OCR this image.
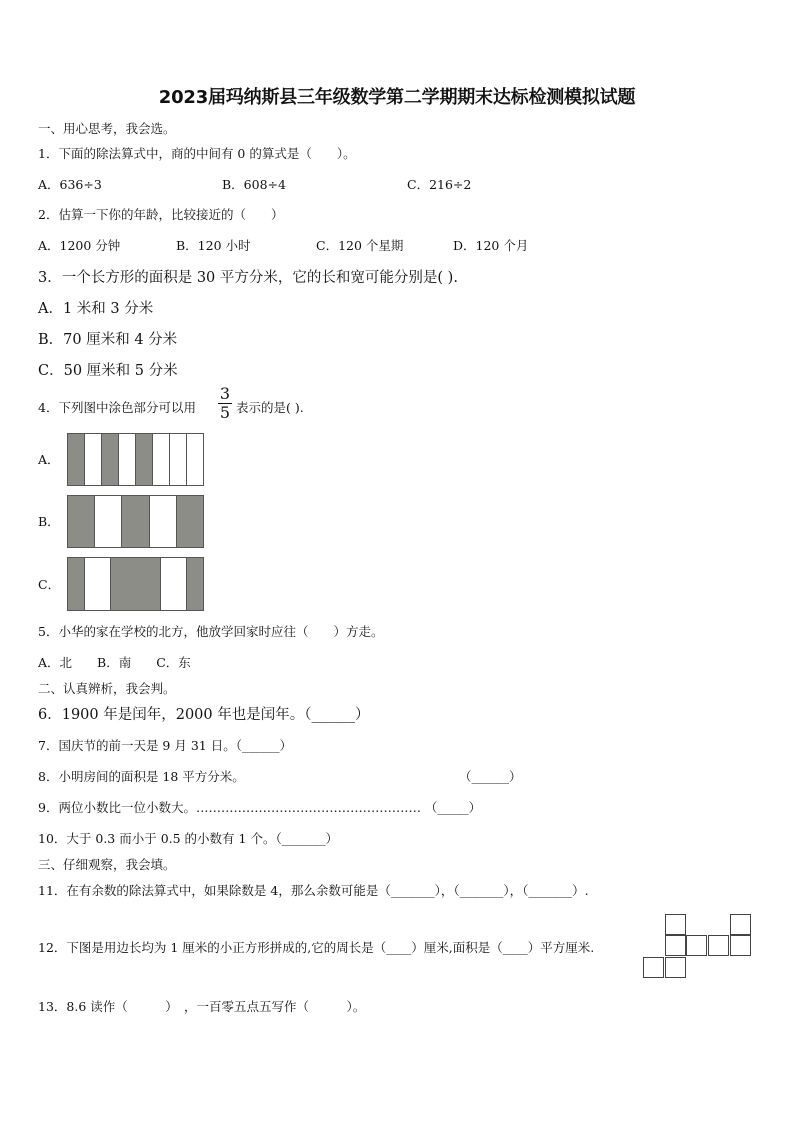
2023届玛纳斯县三年级数学第二学期期末达标检测模拟试题
一、用心思考，我会选。
1．下面的除法算式中，商的中间有 0 的算式是（　　）。
A．636÷3	B．608÷4	C．216÷2
2．估算一下你的年龄，比较接近的（　　）
A．1200 分钟	B．120 小时	C．120 个星期	D．120 个月
3．一个长方形的面积是 30 平方分米，它的长和宽可能分别是( ).
A．1 米和 3 分米
B．70 厘米和 4 分米
C．50 厘米和 5 分米
4．下列图中涂色部分可以用
3
5 表示的是( ).
A．
B．
C．
5．小华的家在学校的北方，他放学回家时应往（　　）方走。
A．北　　B．南　　C．东
二、认真辨析，我会判。
6．1900 年是闰年，2000 年也是闰年。（______）
7．国庆节的前一天是 9 月 31 日。（______）
8．小明房间的面积是 18 平方分米。	（______）
9．两位小数比一位小数大。……………………………………………… （_____）
10．大于 0.3 而小于 0.5 的小数有 1 个。（_______）
三、仔细观察，我会填。
11．在有余数的除法算式中，如果除数是 4，那么余数可能是（_______），（_______），（_______）.
12．下图是用边长均为 1 厘米的小正方形拼成的,它的周长是（____）厘米,面积是（____）平方厘米.
13．8.6 读作（　　　）　，一百零五点五写作（　　　）。
